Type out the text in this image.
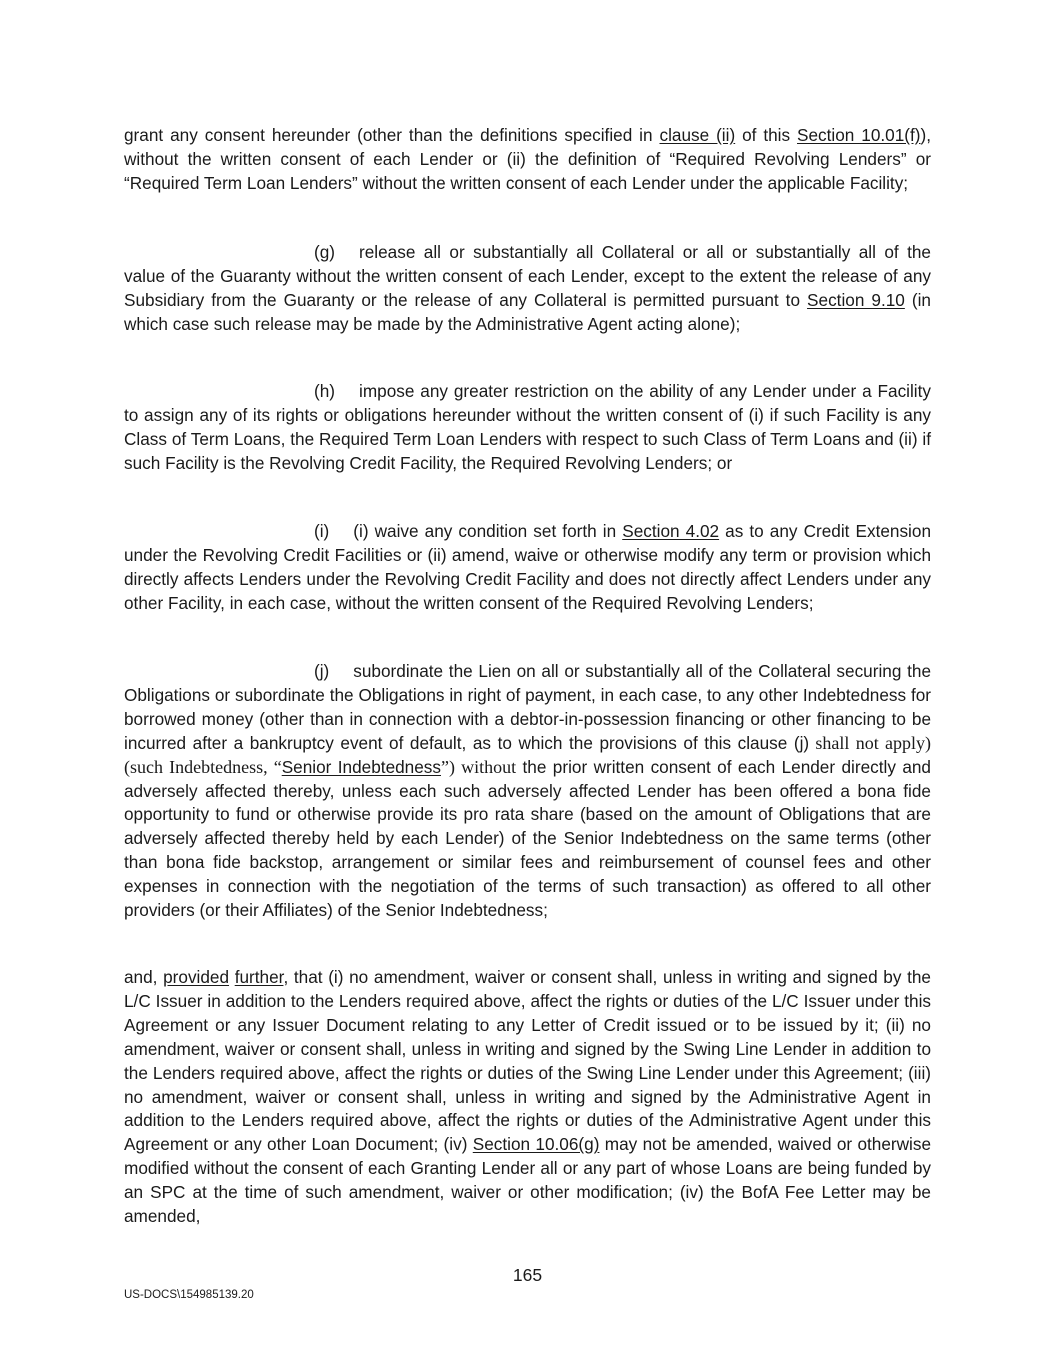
grant any consent hereunder (other than the definitions specified in clause (ii) of this Section 10.01(f)), without the written consent of each Lender or (ii) the definition of “Required Revolving Lenders” or “Required Term Loan Lenders” without the written consent of each Lender under the applicable Facility;

(g) release all or substantially all Collateral or all or substantially all of the value of the Guaranty without the written consent of each Lender, except to the extent the release of any Subsidiary from the Guaranty or the release of any Collateral is permitted pursuant to Section 9.10 (in which case such release may be made by the Administrative Agent acting alone);

(h) impose any greater restriction on the ability of any Lender under a Facility to assign any of its rights or obligations hereunder without the written consent of (i) if such Facility is any Class of Term Loans, the Required Term Loan Lenders with respect to such Class of Term Loans and (ii) if such Facility is the Revolving Credit Facility, the Required Revolving Lenders; or

(i) (i) waive any condition set forth in Section 4.02 as to any Credit Extension under the Revolving Credit Facilities or (ii) amend, waive or otherwise modify any term or provision which directly affects Lenders under the Revolving Credit Facility and does not directly affect Lenders under any other Facility, in each case, without the written consent of the Required Revolving Lenders;

(j) subordinate the Lien on all or substantially all of the Collateral securing the Obligations or subordinate the Obligations in right of payment, in each case, to any other Indebtedness for borrowed money (other than in connection with a debtor-in-possession financing or other financing to be incurred after a bankruptcy event of default, as to which the provisions of this clause (j) shall not apply) (such Indebtedness, “Senior Indebtedness”) without the prior written consent of each Lender directly and adversely affected thereby, unless each such adversely affected Lender has been offered a bona fide opportunity to fund or otherwise provide its pro rata share (based on the amount of Obligations that are adversely affected thereby held by each Lender) of the Senior Indebtedness on the same terms (other than bona fide backstop, arrangement or similar fees and reimbursement of counsel fees and other expenses in connection with the negotiation of the terms of such transaction) as offered to all other providers (or their Affiliates) of the Senior Indebtedness;

and, provided further, that (i) no amendment, waiver or consent shall, unless in writing and signed by the L/C Issuer in addition to the Lenders required above, affect the rights or duties of the L/C Issuer under this Agreement or any Issuer Document relating to any Letter of Credit issued or to be issued by it; (ii) no amendment, waiver or consent shall, unless in writing and signed by the Swing Line Lender in addition to the Lenders required above, affect the rights or duties of the Swing Line Lender under this Agreement; (iii) no amendment, waiver or consent shall, unless in writing and signed by the Administrative Agent in addition to the Lenders required above, affect the rights or duties of the Administrative Agent under this Agreement or any other Loan Document; (iv) Section 10.06(g) may not be amended, waived or otherwise modified without the consent of each Granting Lender all or any part of whose Loans are being funded by an SPC at the time of such amendment, waiver or other modification; (iv) the BofA Fee Letter may be amended,

165
US-DOCS\154985139.20
